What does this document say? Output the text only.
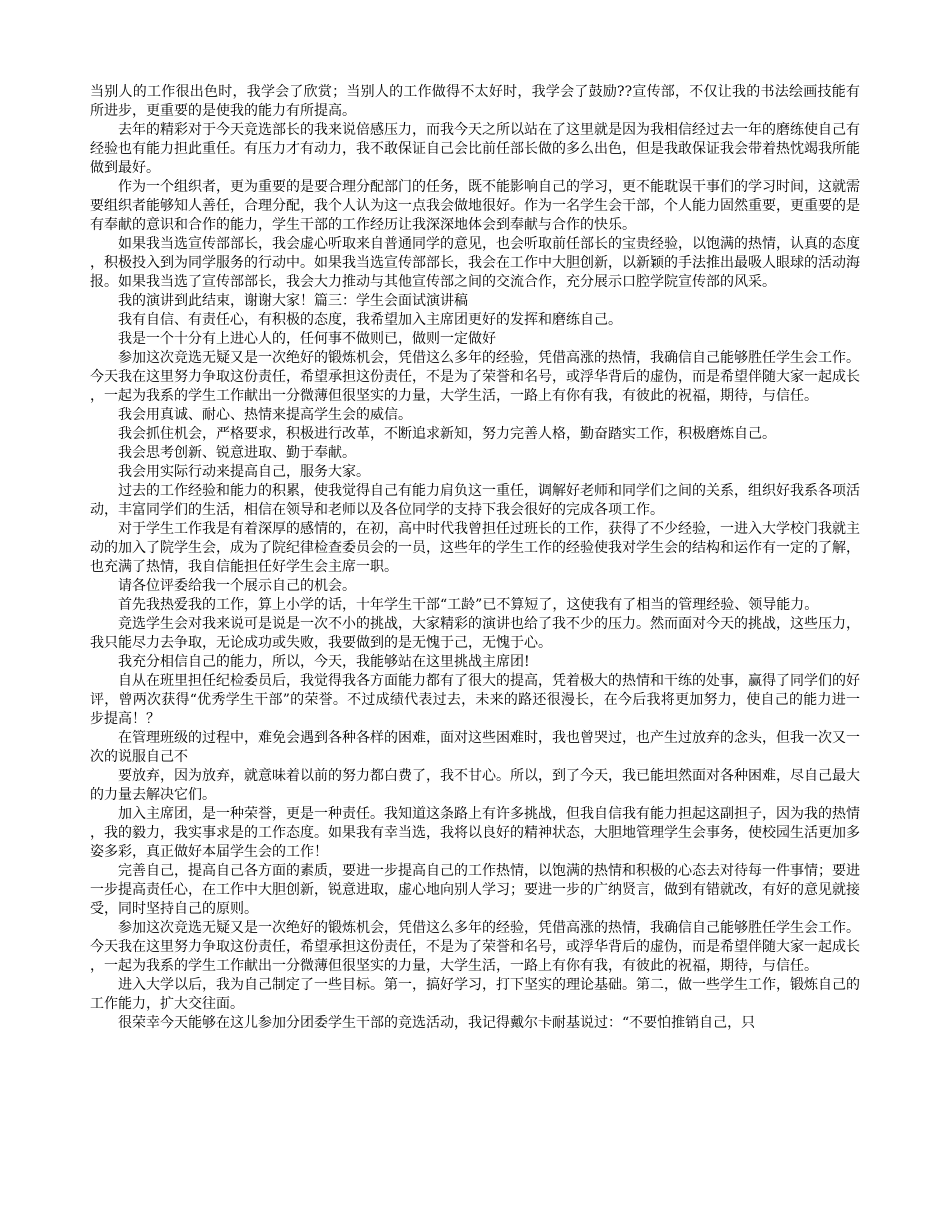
当别人的工作很出色时，我学会了欣赏；当别人的工作做得不太好时，我学会了鼓励??宣传部，不仅让我的书法绘画技能有所进步，更重要的是使我的能力有所提高。

去年的精彩对于今天竞选部长的我来说倍感压力，而我今天之所以站在了这里就是因为我相信经过去一年的磨练使自己有经验也有能力担此重任。有压力才有动力，我不敢保证自己会比前任部长做的多么出色，但是我敢保证我会带着热忱竭我所能做到最好。

作为一个组织者，更为重要的是要合理分配部门的任务，既不能影响自己的学习，更不能耽误干事们的学习时间，这就需要组织者能够知人善任，合理分配，我个人认为这一点我会做地很好。作为一名学生会干部，个人能力固然重要，更重要的是有奉献的意识和合作的能力，学生干部的工作经历让我深深地体会到奉献与合作的快乐。

如果我当选宣传部部长，我会虚心听取来自普通同学的意见，也会听取前任部长的宝贵经验，以饱满的热情，认真的态度，积极投入到为同学服务的行动中。如果我当选宣传部部长，我会在工作中大胆创新，以新颖的手法推出最吸人眼球的活动海报。如果我当选了宣传部部长，我会大力推动与其他宣传部之间的交流合作，充分展示口腔学院宣传部的风采。

我的演讲到此结束，谢谢大家！篇三：学生会面试演讲稿

我有自信、有责任心，有积极的态度，我希望加入主席团更好的发挥和磨练自己。

我是一个十分有上进心人的，任何事不做则已，做则一定做好

参加这次竞选无疑又是一次绝好的锻炼机会，凭借这么多年的经验，凭借高涨的热情，我确信自己能够胜任学生会工作。今天我在这里努力争取这份责任，希望承担这份责任，不是为了荣誉和名号，或浮华背后的虚伪，而是希望伴随大家一起成长，一起为我系的学生工作献出一分微薄但很坚实的力量，大学生活，一路上有你有我，有彼此的祝福，期待，与信任。

我会用真诚、耐心、热情来提高学生会的威信。

我会抓住机会，严格要求，积极进行改革，不断追求新知，努力完善人格，勤奋踏实工作，积极磨炼自己。

我会思考创新、锐意进取、勤于奉献。

我会用实际行动来提高自己，服务大家。

过去的工作经验和能力的积累，使我觉得自己有能力肩负这一重任，调解好老师和同学们之间的关系，组织好我系各项活动，丰富同学们的生活，相信在领导和老师以及各位同学的支持下我会很好的完成各项工作。

对于学生工作我是有着深厚的感情的，在初，高中时代我曾担任过班长的工作，获得了不少经验，一进入大学校门我就主动的加入了院学生会，成为了院纪律检查委员会的一员，这些年的学生工作的经验使我对学生会的结构和运作有一定的了解，也充满了热情，我自信能担任好学生会主席一职。

请各位评委给我一个展示自己的机会。

首先我热爱我的工作，算上小学的话，十年学生干部“工龄”已不算短了，这使我有了相当的管理经验、领导能力。

竞选学生会对我来说可是说是一次不小的挑战，大家精彩的演讲也给了我不少的压力。然而面对今天的挑战，这些压力，我只能尽力去争取，无论成功或失败，我要做到的是无愧于己，无愧于心。

我充分相信自己的能力，所以，今天，我能够站在这里挑战主席团!

自从在班里担任纪检委员后，我觉得我各方面能力都有了很大的提高，凭着极大的热情和干练的处事，赢得了同学们的好评，曾两次获得“优秀学生干部”的荣誉。不过成绩代表过去，未来的路还很漫长，在今后我将更加努力，使自己的能力进一步提高！？

在管理班级的过程中，难免会遇到各种各样的困难，面对这些困难时，我也曾哭过，也产生过放弃的念头，但我一次又一次的说服自己不

要放弃，因为放弃，就意味着以前的努力都白费了，我不甘心。所以，到了今天，我已能坦然面对各种困难，尽自己最大的力量去解决它们。

加入主席团，是一种荣誉，更是一种责任。我知道这条路上有许多挑战，但我自信我有能力担起这副担子，因为我的热情，我的毅力，我实事求是的工作态度。如果我有幸当选，我将以良好的精神状态，大胆地管理学生会事务，使校园生活更加多姿多彩，真正做好本届学生会的工作！

完善自己，提高自己各方面的素质，要进一步提高自己的工作热情，以饱满的热情和积极的心态去对待每一件事情；要进一步提高责任心，在工作中大胆创新，锐意进取，虚心地向别人学习；要进一步的广纳贤言，做到有错就改，有好的意见就接受，同时坚持自己的原则。

参加这次竞选无疑又是一次绝好的锻炼机会，凭借这么多年的经验，凭借高涨的热情，我确信自己能够胜任学生会工作。今天我在这里努力争取这份责任，希望承担这份责任，不是为了荣誉和名号，或浮华背后的虚伪，而是希望伴随大家一起成长，一起为我系的学生工作献出一分微薄但很坚实的力量，大学生活，一路上有你有我，有彼此的祝福，期待，与信任。

进入大学以后，我为自己制定了一些目标。第一，搞好学习，打下坚实的理论基础。第二，做一些学生工作，锻炼自己的工作能力，扩大交往面。

很荣幸今天能够在这儿参加分团委学生干部的竞选活动，我记得戴尔卡耐基说过：“不要怕推销自己，只
